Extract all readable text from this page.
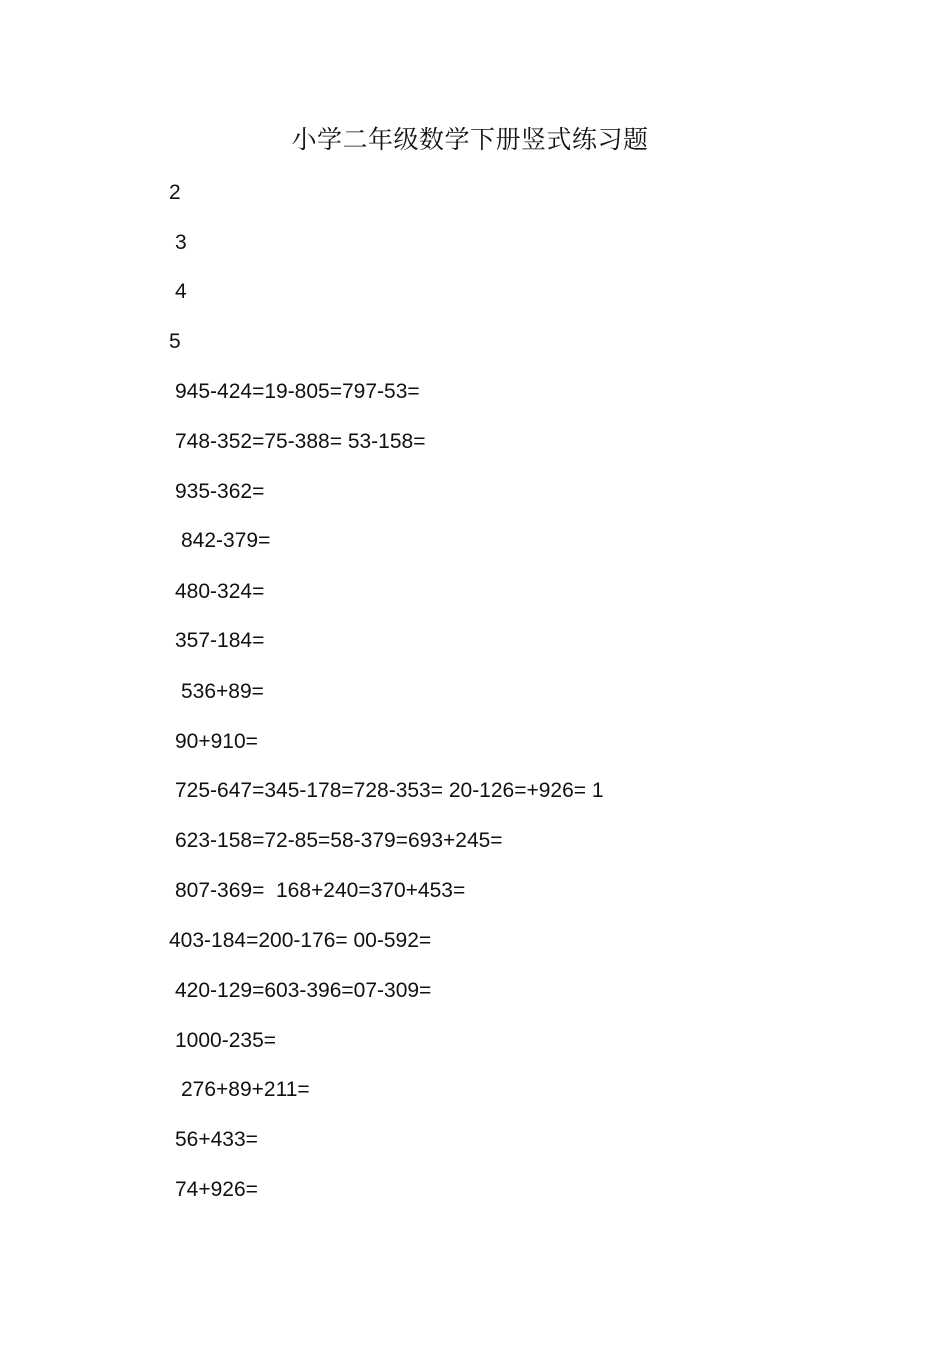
小学二年级数学下册竖式练习题
2
3
4
5
945-424=19-805=797-53=
748-352=75-388= 53-158=
935-362=
842-379=
480-324=
357-184=
536+89=
90+910=
725-647=345-178=728-353= 20-126=+926= 1
623-158=72-85=58-379=693+245=
807-369=  168+240=370+453=
403-184=200-176= 00-592=
420-129=603-396=07-309=
1000-235=
276+89+211=
56+433=
74+926=
